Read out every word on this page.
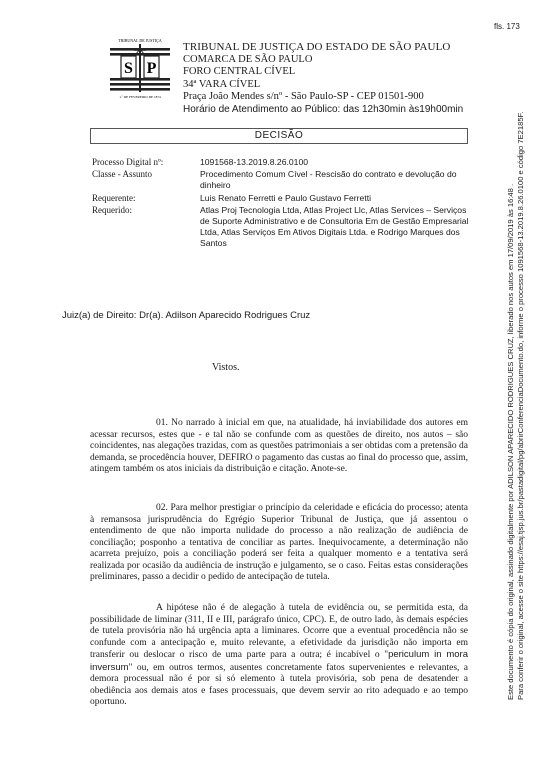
fls. 173
TRIBUNAL DE JUSTIÇA
S P
1.º DE FEVEREIRO DE 1874
TRIBUNAL DE JUSTIÇA DO ESTADO DE SÃO PAULO
COMARCA DE SÃO PAULO
FORO CENTRAL CÍVEL
34ª VARA CÍVEL
Praça João Mendes s/nº - São Paulo-SP - CEP 01501-900
Horário de Atendimento ao Público: das 12h30min às19h00min
DECISÃO
Processo Digital nº:	1091568-13.2019.8.26.0100
Classe - Assunto	Procedimento Comum Cível - Rescisão do contrato e devolução do dinheiro
Requerente:	Luis Renato Ferretti e Paulo Gustavo Ferretti
Requerido:	Atlas Proj Tecnologia Ltda, Atlas Project Llc, Atlas Services – Serviços de Suporte Administrativo e de Consultoria Em de Gestão Empresarial Ltda, Atlas Serviços Em Ativos Digitais Ltda. e Rodrigo Marques dos Santos
Juiz(a) de Direito: Dr(a). Adilson Aparecido Rodrigues Cruz
Vistos.
01. No narrado à inicial em que, na atualidade, há inviabilidade dos autores em acessar recursos, estes que - e tal não se confunde com as questões de direito, nos autos – são coincidentes, nas alegações trazidas, com as questões patrimoniais a ser obtidas com a pretensão da demanda, se procedência houver, DEFIRO o pagamento das custas ao final do processo que, assim, atingem também os atos iniciais da distribuição e citação. Anote-se.
02. Para melhor prestigiar o princípio da celeridade e eficácia do processo; atenta à remansosa jurisprudência do Egrégio Superior Tribunal de Justiça, que já assentou o entendimento de que não importa nulidade do processo a não realização de audiência de conciliação; posponho a tentativa de conciliar as partes. Inequivocamente, a determinação não acarreta prejuízo, pois a conciliação poderá ser feita a qualquer momento e a tentativa será realizada por ocasião da audiência de instrução e julgamento, se o caso. Feitas estas considerações preliminares, passo a decidir o pedido de antecipação de tutela.
A hipótese não é de alegação à tutela de evidência ou, se permitida esta, da possibilidade de liminar (311, II e III, parágrafo único, CPC). E, de outro lado, às demais espécies de tutela provisória não há urgência apta a liminares. Ocorre que a eventual procedência não se confunde com a antecipação e, muito relevante, a efetividade da jurisdição não importa em transferir ou deslocar o risco de uma parte para a outra; é incabível o "periculum in mora inversum" ou, em outros termos, ausentes concretamente fatos supervenientes e relevantes, a demora processual não é por si só elemento à tutela provisória, sob pena de desatender a obediência aos demais atos e fases processuais, que devem servir ao rito adequado e ao tempo oportuno.
Este documento é cópia do original, assinado digitalmente por ADILSON APARECIDO RODRIGUES CRUZ, liberado nos autos em 17/09/2019 às 16:48 . Para conferir o original, acesse o site https://esaj.tjsp.jus.br/pastadigital/pg/abrirConferenciaDocumento.do, informe o processo 1091568-13.2019.8.26.0100 e código 7E2185F.
